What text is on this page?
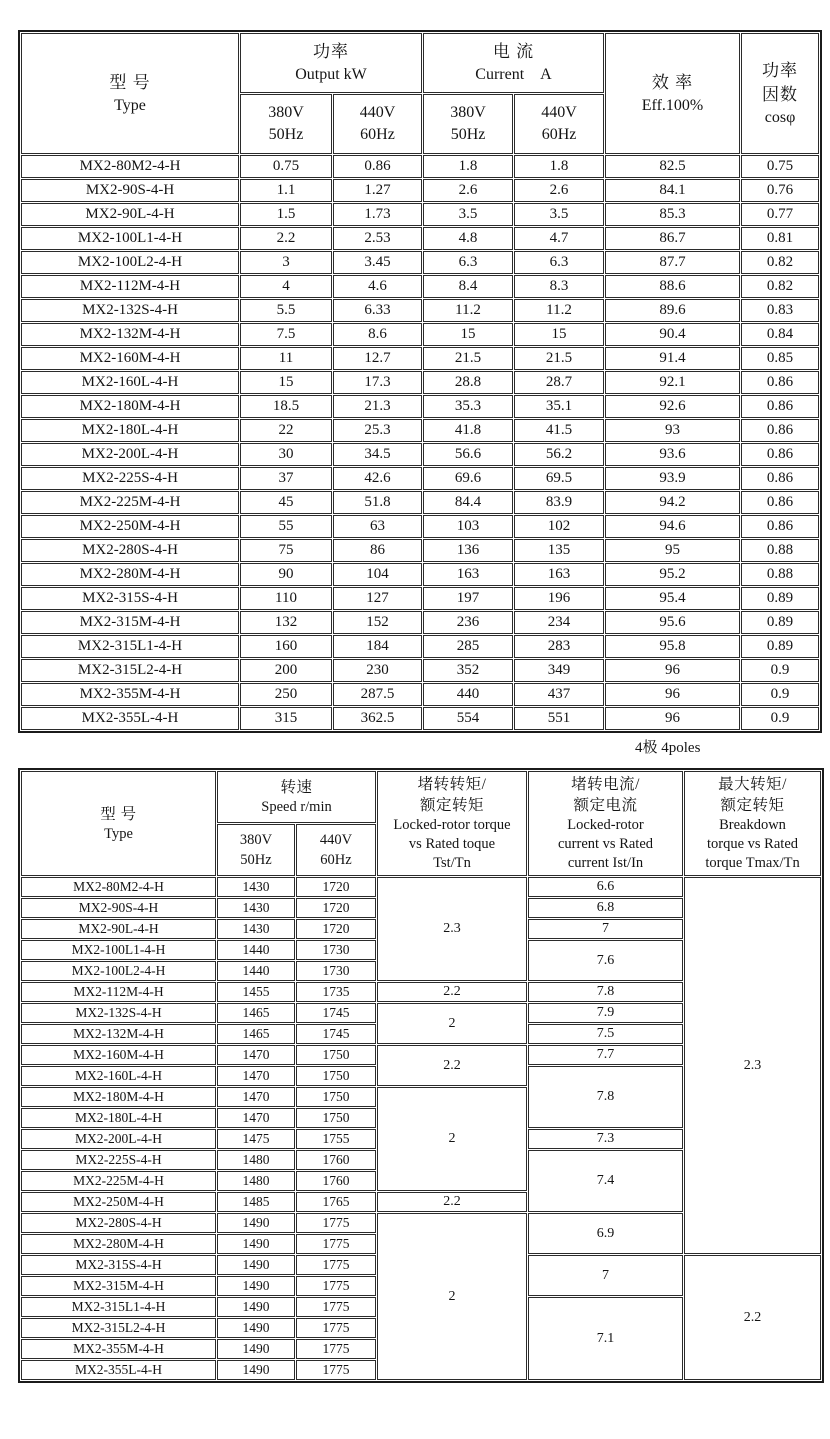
型 号
Type

功率
Output kW

电 流
Current A	效 率
Eff.100%

功率
因数
cosφ

380V
50Hz

440V
60Hz

380V
50Hz

440V
60Hz

MX2-80M2-4-H	0.75	0.86	1.8	1.8	82.5	0.75
MX2-90S-4-H	1.1	1.27	2.6	2.6	84.1	0.76
MX2-90L-4-H	1.5	1.73	3.5	3.5	85.3	0.77
MX2-100L1-4-H	2.2	2.53	4.8	4.7	86.7	0.81
MX2-100L2-4-H	3	3.45	6.3	6.3	87.7	0.82
MX2-112M-4-H	4	4.6	8.4	8.3	88.6	0.82
MX2-132S-4-H	5.5	6.33	11.2	11.2	89.6	0.83
MX2-132M-4-H	7.5	8.6	15	15	90.4	0.84
MX2-160M-4-H	11	12.7	21.5	21.5	91.4	0.85
MX2-160L-4-H	15	17.3	28.8	28.7	92.1	0.86
MX2-180M-4-H	18.5	21.3	35.3	35.1	92.6	0.86
MX2-180L-4-H	22	25.3	41.8	41.5	93	0.86
MX2-200L-4-H	30	34.5	56.6	56.2	93.6	0.86
MX2-225S-4-H	37	42.6	69.6	69.5	93.9	0.86
MX2-225M-4-H	45	51.8	84.4	83.9	94.2	0.86
MX2-250M-4-H	55	63	103	102	94.6	0.86
MX2-280S-4-H	75	86	136	135	95	0.88
MX2-280M-4-H	90	104	163	163	95.2	0.88
MX2-315S-4-H	110	127	197	196	95.4	0.89
MX2-315M-4-H	132	152	236	234	95.6	0.89
MX2-315L1-4-H	160	184	285	283	95.8	0.89
MX2-315L2-4-H	200	230	352	349	96	0.9
MX2-355M-4-H	250	287.5	440	437	96	0.9
MX2-355L-4-H	315	362.5	554	551	96	0.9
4极 4poles
型 号
Type

转速
Speed r/min

堵转转矩/
额定转矩
Locked-rotor torque
vs Rated toque
Tst/Tn

堵转电流/
额定电流
Locked-rotor
current vs Rated
current Ist/In

最大转矩/
额定转矩
Breakdown
torque vs Rated
torque Tmax/Tn

380V
50Hz

440V
60Hz

MX2-80M2-4-H	1430	1720	2.3	6.6	2.3
MX2-90S-4-H	1430	1720		6.8	
MX2-90L-4-H	1430	1720		7	
MX2-100L1-4-H	1440	1730		7.6	
MX2-100L2-4-H	1440	1730			
MX2-112M-4-H	1455	1735	2.2	7.8	
MX2-132S-4-H	1465	1745	2	7.9	
MX2-132M-4-H	1465	1745		7.5	
MX2-160M-4-H	1470	1750	2.2	7.7	
MX2-160L-4-H	1470	1750		7.8	
MX2-180M-4-H	1470	1750	2		
MX2-180L-4-H	1470	1750			
MX2-200L-4-H	1475	1755		7.3	
MX2-225S-4-H	1480	1760		7.4	
MX2-225M-4-H	1480	1760			
MX2-250M-4-H	1485	1765	2.2		
MX2-280S-4-H	1490	1775	2	6.9	
MX2-280M-4-H	1490	1775			
MX2-315S-4-H	1490	1775		7	2.2
MX2-315M-4-H	1490	1775			
MX2-315L1-4-H	1490	1775		7.1	
MX2-315L2-4-H	1490	1775			
MX2-355M-4-H	1490	1775			
MX2-355L-4-H	1490	1775			
